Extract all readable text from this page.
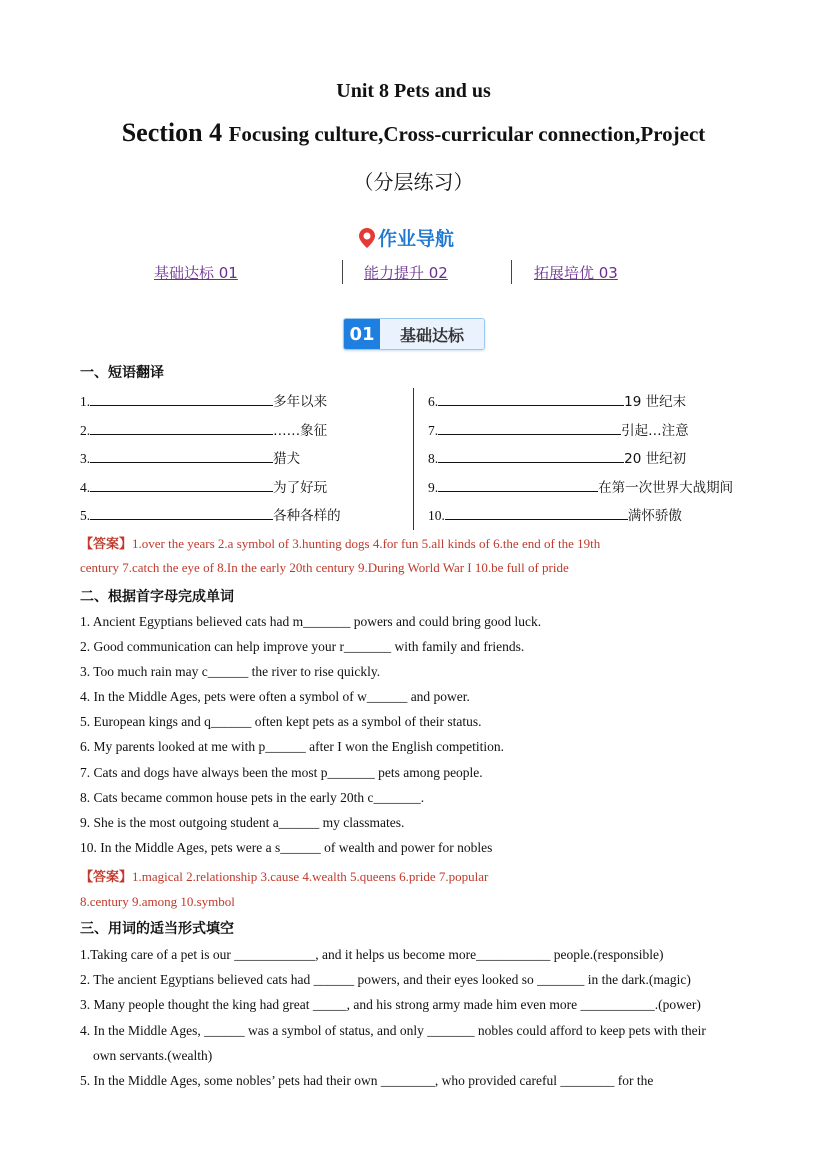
Unit 8 Pets and us
Section 4 Focusing culture,Cross-curricular connection,Project
（分层练习）
作业导航
基础达标 01	能力提升 02	拓展培优 03
01	基础达标
一、短语翻译
1.	多年以来
2.	……象征
3.	猎犬
4.	为了好玩
5.	各种各样的
6.	19 世纪末
7.	引起…注意
8.	20 世纪初
9.	在第一次世界大战期间
10.	满怀骄傲
【答案】1.over the years 2.a symbol of 3.hunting dogs 4.for fun 5.all kinds of 6.the end of the 19th
century 7.catch the eye of 8.In the early 20th century 9.During World War I 10.be full of pride
二、根据首字母完成单词
1. Ancient Egyptians believed cats had m_______ powers and could bring good luck.
2. Good communication can help improve your r_______ with family and friends.
3. Too much rain may c______ the river to rise quickly.
4. In the Middle Ages, pets were often a symbol of w______ and power.
5. European kings and q______ often kept pets as a symbol of their status.
6. My parents looked at me with p______ after I won the English competition.
7. Cats and dogs have always been the most p_______ pets among people.
8. Cats became common house pets in the early 20th c_______.
9. She is the most outgoing student a______ my classmates.
10. In the Middle Ages, pets were a s______ of wealth and power for nobles
【答案】1.magical 2.relationship 3.cause 4.wealth 5.queens 6.pride 7.popular
8.century 9.among 10.symbol
三、用词的适当形式填空
1.Taking care of a pet is our ____________, and it helps us become more___________ people.(responsible)
2. The ancient Egyptians believed cats had ______ powers, and their eyes looked so _______ in the dark.(magic)
3. Many people thought the king had great _____, and his strong army made him even more ___________.(power)
4. In the Middle Ages, ______ was a symbol of status, and only _______ nobles could afford to keep pets with their
own servants.(wealth)
5. In the Middle Ages, some nobles’ pets had their own ________, who provided careful ________ for the
